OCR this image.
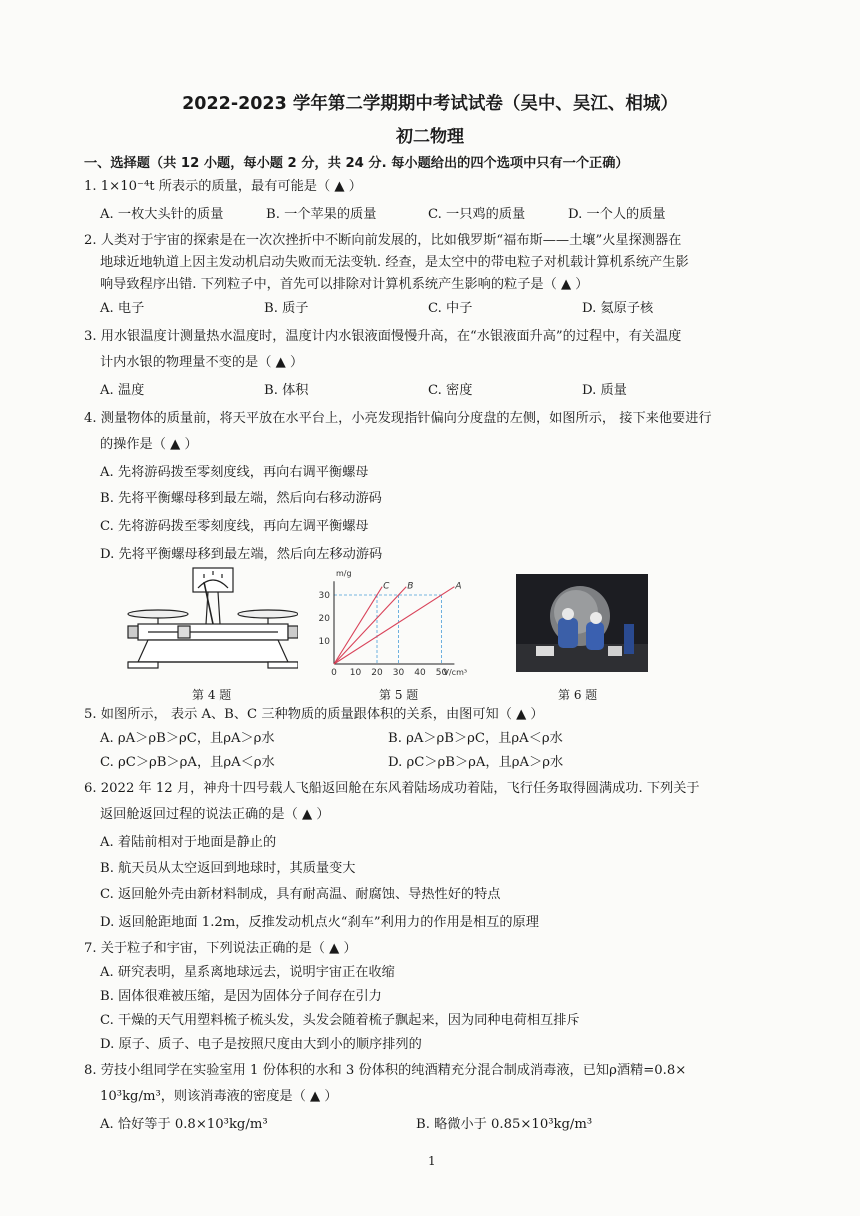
2022-2023 学年第二学期期中考试试卷（吴中、吴江、相城）
初二物理
一、选择题（共 12 小题，每小题 2 分，共 24 分. 每小题给出的四个选项中只有一个正确）
1. 1×10⁻⁴t 所表示的质量，最有可能是（ ▲ ）
A. 一枚大头针的质量	B. 一个苹果的质量	C. 一只鸡的质量	D. 一个人的质量
2. 人类对于宇宙的探索是在一次次挫折中不断向前发展的，比如俄罗斯“福布斯——土壤”火星探测器在
地球近地轨道上因主发动机启动失败而无法变轨. 经查，是太空中的带电粒子对机载计算机系统产生影
响导致程序出错. 下列粒子中，首先可以排除对计算机系统产生影响的粒子是（ ▲ ）
A. 电子	B. 质子	C. 中子	D. 氦原子核
3. 用水银温度计测量热水温度时，温度计内水银液面慢慢升高，在“水银液面升高”的过程中，有关温度
计内水银的物理量不变的是（ ▲ ）
A. 温度	B. 体积	C. 密度	D. 质量
4. 测量物体的质量前，将天平放在水平台上，小亮发现指针偏向分度盘的左侧，如图所示， 接下来他要进行
的操作是（ ▲ ）
A. 先将游码拨至零刻度线，再向右调平衡螺母
B. 先将平衡螺母移到最左端，然后向右移动游码
C. 先将游码拨至零刻度线，再向左调平衡螺母
D. 先将平衡螺母移到最左端，然后向左移动游码
第 4 题
0 10 20 30 40 50
30
20
10
m/g
V/cm³
C B	A
第 5 题	第 6 题
5. 如图所示， 表示 A、B、C 三种物质的质量跟体积的关系，由图可知（ ▲ ）
A. ρA＞ρB＞ρC，且ρA＞ρ水	B. ρA＞ρB＞ρC，且ρA＜ρ水
C. ρC＞ρB＞ρA，且ρA＜ρ水	D. ρC＞ρB＞ρA，且ρA＞ρ水
6. 2022 年 12 月，神舟十四号载人飞船返回舱在东风着陆场成功着陆，飞行任务取得圆满成功. 下列关于
返回舱返回过程的说法正确的是（ ▲ ）
A. 着陆前相对于地面是静止的
B. 航天员从太空返回到地球时，其质量变大
C. 返回舱外壳由新材料制成，具有耐高温、耐腐蚀、导热性好的特点
D. 返回舱距地面 1.2m，反推发动机点火“刹车”利用力的作用是相互的原理
7. 关于粒子和宇宙，下列说法正确的是（ ▲ ）
A. 研究表明，星系离地球远去，说明宇宙正在收缩
B. 固体很难被压缩，是因为固体分子间存在引力
C. 干燥的天气用塑料梳子梳头发，头发会随着梳子飘起来，因为同种电荷相互排斥
D. 原子、质子、电子是按照尺度由大到小的顺序排列的
8. 劳技小组同学在实验室用 1 份体积的水和 3 份体积的纯酒精充分混合制成消毒液，已知ρ酒精=0.8×
10³kg/m³，则该消毒液的密度是（ ▲ ）
A. 恰好等于 0.8×10³kg/m³	B. 略微小于 0.85×10³kg/m³
1
